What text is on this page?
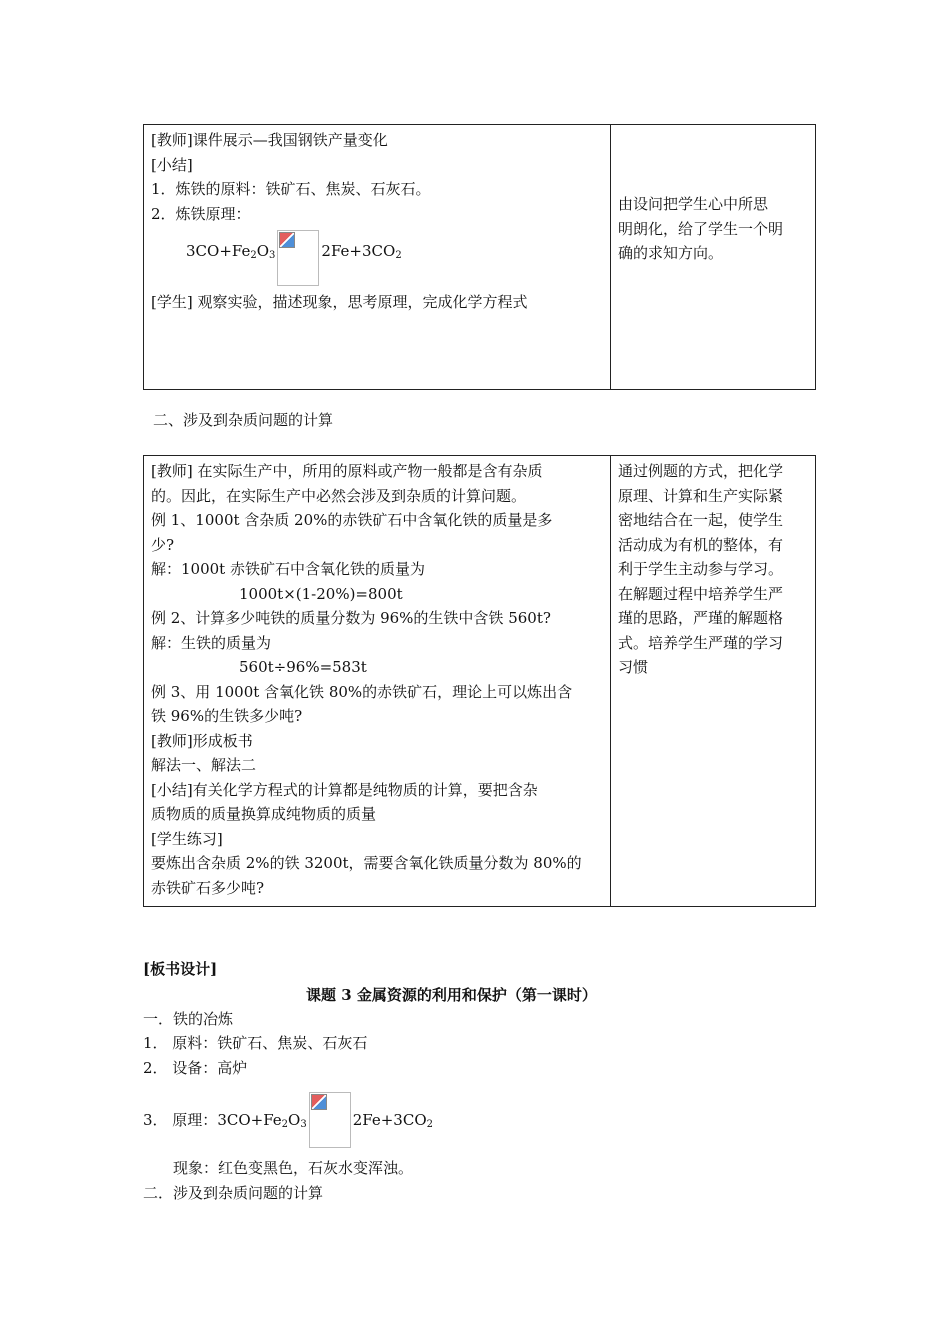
[教师]课件展示—我国钢铁产量变化
[小结]
1．炼铁的原料：铁矿石、焦炭、石灰石。
2．炼铁原理：
$3CO+Fe_2O_3$	$2Fe+3CO_2$
[学生] 观察实验，描述现象，思考原理，完成化学方程式
由设问把学生心中所思
明朗化，给了学生一个明
确的求知方向。
二、涉及到杂质问题的计算
[教师] 在实际生产中，所用的原料或产物一般都是含有杂质
的。因此，在实际生产中必然会涉及到杂质的计算问题。
例 1、1000t 含杂质 20%的赤铁矿石中含氧化铁的质量是多
少?
解：1000t 赤铁矿石中含氧化铁的质量为
1000t×(1-20%)=800t
例 2、计算多少吨铁的质量分数为 96%的生铁中含铁 560t?
解：生铁的质量为
560t÷96%=583t
例 3、用 1000t 含氧化铁 80%的赤铁矿石，理论上可以炼出含
铁 96%的生铁多少吨?
[教师]形成板书
解法一、解法二
[小结]有关化学方程式的计算都是纯物质的计算，要把含杂
质物质的质量换算成纯物质的质量
[学生练习]
要炼出含杂质 2%的铁 3200t，需要含氧化铁质量分数为 80%的
赤铁矿石多少吨?
通过例题的方式，把化学
原理、计算和生产实际紧
密地结合在一起，使学生
活动成为有机的整体，有
利于学生主动参与学习。
在解题过程中培养学生严
瑾的思路，严瑾的解题格
式。培养学生严瑾的学习
习惯
[板书设计]
课题 3 金属资源的利用和保护（第一课时）
一．铁的冶炼
1． 原料：铁矿石、焦炭、石灰石
2． 设备：高炉
3． 原理： $3CO+Fe_2O_3$	$2Fe+3CO_2$
现象：红色变黑色，石灰水变浑浊。
二．涉及到杂质问题的计算
